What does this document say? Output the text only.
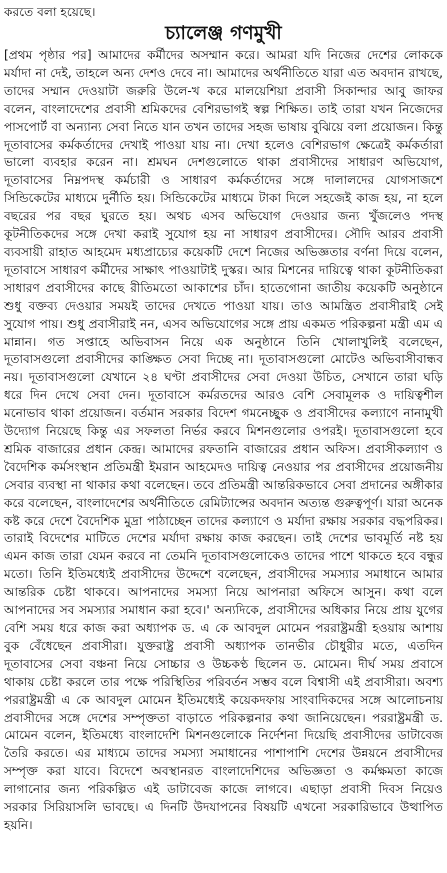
করতে বলা হয়েছে।

চ্যালেঞ্জ গণমুখী

[প্রথম পৃষ্ঠার পর] আমাদের কর্মীদের অসম্মান করে। আমরা যদি নিজের দেশের লোককে মর্যাদা না দেই, তাহলে অন্য দেশও দেবে না। আমাদের অর্থনীতিতে যারা এত অবদান রাখছে, তাদের সম্মান দেওয়াটা জরুরি উলে-খ করে মালয়েশিয়া প্রবাসী সিকান্দার আবু জাফর বলেন, বাংলাদেশের প্রবাসী শ্রমিকদের বেশিরভাগই স্বল্প শিক্ষিত। তাই তারা যখন নিজেদের পাসপোর্ট বা অন্যান্য সেবা নিতে যান তখন তাদের সহজ ভাষায় বুঝিয়ে বলা প্রয়োজন। কিন্তু দূতাবাসের কর্মকর্তাদের দেখাই পাওয়া যায় না। দেখা হলেও বেশিরভাগ ক্ষেত্রেই কর্মকর্তারা ভালো ব্যবহার করেন না। শ্রমঘন দেশগুলোতে থাকা প্রবাসীদের সাধারণ অভিযোগ, দূতাবাসের নিম্নপদস্থ কর্মচারী ও সাধারণ কর্মকর্তাদের সঙ্গে দালালদের যোগসাজশে সিন্ডিকেটের মাধ্যমে দুর্নীতি হয়। সিন্ডিকেটের মাধ্যমে টাকা দিলে সহজেই কাজ হয়, না হলে বছরের পর বছর ঘুরতে হয়। অথচ এসব অভিযোগ দেওয়ার জন্য খুঁজলেও পদস্থ কূটনীতিকদের সঙ্গে দেখা করাই সুযোগ হয় না সাধারণ প্রবাসীদের। সৌদি আরব প্রবাসী ব্যবসায়ী রাহাত আহমেদ মধ্যপ্রাচ্যের কয়েকটি দেশে নিজের অভিজ্ঞতার বর্ণনা দিয়ে বলেন, দূতাবাসে সাধারণ কর্মীদের সাক্ষাৎ পাওয়াটাই দুস্কর। আর মিশনের দায়িত্বে থাকা কূটনীতিকরা সাধারণ প্রবাসীদের কাছে রীতিমতো আকাশের চাঁদ। হাতেগোনা জাতীয় কয়েকটি অনুষ্ঠানে শুধু বক্তব্য দেওয়ার সময়ই তাদের দেখতে পাওয়া যায়। তাও আমন্ত্রিত প্রবাসীরাই সেই সুযোগ পায়। শুধু প্রবাসীরাই নন, এসব অভিযোগের সঙ্গে প্রায় একমত পরিকল্পনা মন্ত্রী এম এ মান্নান। গত সপ্তাহে অভিবাসন নিয়ে এক অনুষ্ঠানে তিনি খোলাখুলিই বলেছেন, দূতাবাসগুলো প্রবাসীদের কাঙ্ক্ষিত সেবা দিচ্ছে না। দূতাবাসগুলো মোটেও অভিবাসীবান্ধব নয়। দূতাবাসগুলো যেখানে ২৪ ঘণ্টা প্রবাসীদের সেবা দেওয়া উচিত, সেখানে তারা ঘড়ি ধরে দিন দেখে সেবা দেন। দূতাবাসে কর্মরতদের আরও বেশি সেবামূলক ও দায়িত্বশীল মনোভাব থাকা প্রয়োজন। বর্তমান সরকার বিদেশ গমনেচ্ছুক ও প্রবাসীদের কল্যাণে নানামুখী উদ্যোগ নিয়েছে কিন্তু এর সফলতা নির্ভর করবে মিশনগুলোর ওপরই। দূতাবাসগুলো হবে শ্রমিক বাজারের প্রধান কেন্দ্র। আমাদের রফতানি বাজারের প্রধান অফিস। প্রবাসীকল্যাণ ও বৈদেশিক কর্মসংস্থান প্রতিমন্ত্রী ইমরান আহমেদও দায়িত্ব নেওয়ার পর প্রবাসীদের প্রয়োজনীয় সেবার ব্যবস্থা না থাকার কথা বলেছেন। তবে প্রতিমন্ত্রী আন্তরিকভাবে সেবা প্রদানের অঙ্গীকার করে বলেছেন, বাংলাদেশের অর্থনীতিতে রেমিট্যান্সের অবদান অত্যন্ত গুরুত্বপূর্ণ। যারা অনেক কষ্ট করে দেশে বৈদেশিক মুদ্রা পাঠাচ্ছেন তাদের কল্যাণে ও মর্যাদা রক্ষায় সরকার বদ্ধপরিকর। তারাই বিদেশের মাটিতে দেশের মর্যাদা রক্ষায় কাজ করছেন। তাই দেশের ভাবমূর্তি নষ্ট হয় এমন কাজ তারা যেমন করবে না তেমনি দূতাবাসগুলোকেও তাদের পাশে থাকতে হবে বন্ধুর মতো। তিনি ইতিমধ্যেই প্রবাসীদের উদ্দেশে বলেছেন, প্রবাসীদের সমস্যার সমাধানে আমার আন্তরিক চেষ্টা থাকবে। আপনাদের সমস্যা নিয়ে আপনারা অফিসে আসুন। কথা বলে আপনাদের সব সমস্যার সমাধান করা হবে।' অন্যদিকে, প্রবাসীদের অধিকার নিয়ে প্রায় যুগের বেশি সময় ধরে কাজ করা অধ্যাপক ড. এ কে আবদুল মোমেন পররাষ্ট্রমন্ত্রী হওয়ায় আশায় বুক বেঁধেছেন প্রবাসীরা। যুক্তরাষ্ট্র প্রবাসী অধ্যাপক তানভীর চৌধুরীর মতে, এতদিন দূতাবাসের সেবা বঞ্চনা নিয়ে সোচ্চার ও উচ্চকণ্ঠ ছিলেন ড. মোমেন। দীর্ঘ সময় প্রবাসে থাকায় চেষ্টা করলে তার পক্ষে পরিস্থিতির পরিবর্তন সম্ভব বলে বিশ্বাসী এই প্রবাসীরা। অবশ্য পররাষ্ট্রমন্ত্রী এ কে আবদুল মোমেন ইতিমধ্যেই কয়েকদফায় সাংবাদিকদের সঙ্গে আলোচনায় প্রবাসীদের সঙ্গে দেশের সম্পৃক্ততা বাড়াতে পরিকল্পনার কথা জানিয়েছেন। পররাষ্ট্রমন্ত্রী ড. মোমেন বলেন, ইতিমধ্যে বাংলাদেশি মিশনগুলোকে নির্দেশনা দিয়েছি প্রবাসীদের ডাটাবেজ তৈরি করতে। এর মাধ্যমে তাদের সমস্যা সমাধানের পাশাপাশি দেশের উন্নয়নে প্রবাসীদের সম্পৃক্ত করা যাবে। বিদেশে অবস্থানরত বাংলাদেশিদের অভিজ্ঞতা ও কর্মক্ষমতা কাজে লাগানোর জন্য পরিকল্পিত এই ডাটাবেজ কাজে লাগবে। এছাড়া প্রবাসী দিবস নিয়েও সরকার সিরিয়াসলি ভাবছে। এ দিনটি উদযাপনের বিষয়টি এখনো সরকারিভাবে উত্থাপিত হয়নি।
